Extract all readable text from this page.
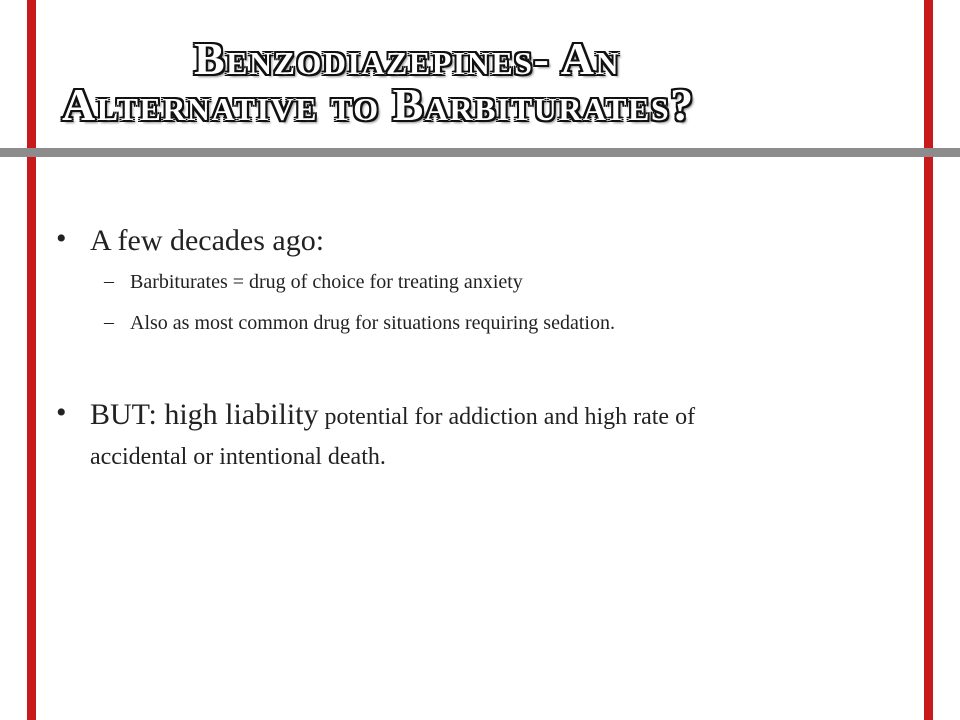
Benzodiazepines- An
Alternative to Barbiturates?
• A few decades ago:
– Barbiturates = drug of choice for treating anxiety
– Also as most common drug for situations requiring sedation.
• BUT: high liability potential for addiction and high rate of
accidental or intentional death.
